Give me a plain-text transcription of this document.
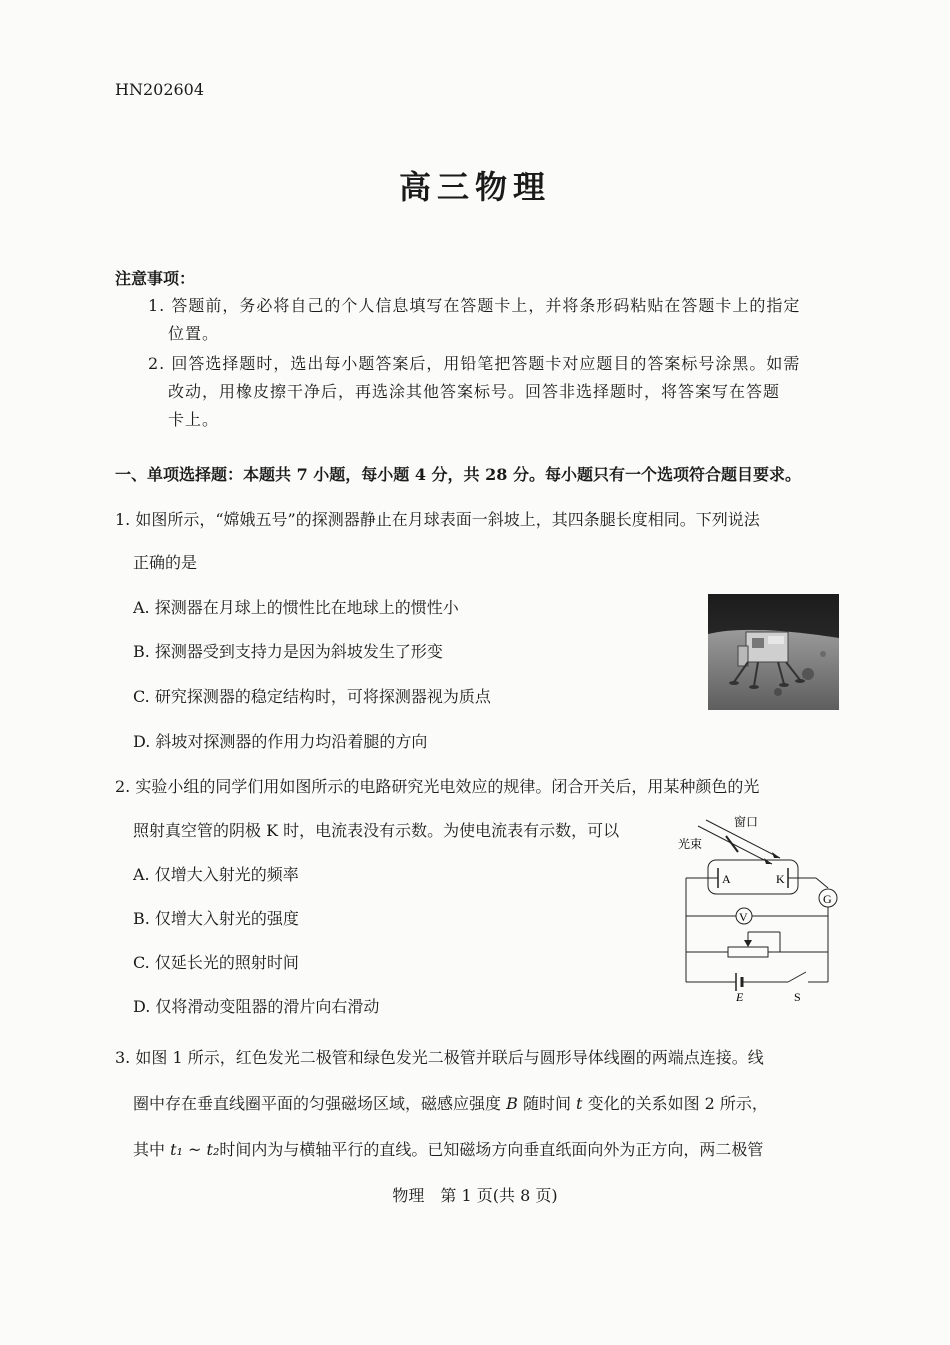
HN202604
高三物理
注意事项：
1. 答题前，务必将自己的个人信息填写在答题卡上，并将条形码粘贴在答题卡上的指定
位置。
2. 回答选择题时，选出每小题答案后，用铅笔把答题卡对应题目的答案标号涂黑。如需
改动，用橡皮擦干净后，再选涂其他答案标号。回答非选择题时，将答案写在答题
卡上。
一、单项选择题：本题共 7 小题，每小题 4 分，共 28 分。每小题只有一个选项符合题目要求。
1. 如图所示，“嫦娥五号”的探测器静止在月球表面一斜坡上，其四条腿长度相同。下列说法
正确的是
A. 探测器在月球上的惯性比在地球上的惯性小
B. 探测器受到支持力是因为斜坡发生了形变
C. 研究探测器的稳定结构时，可将探测器视为质点
D. 斜坡对探测器的作用力均沿着腿的方向
2. 实验小组的同学们用如图所示的电路研究光电效应的规律。闭合开关后，用某种颜色的光
照射真空管的阴极 K 时，电流表没有示数。为使电流表有示数，可以
A. 仅增大入射光的频率
B. 仅增大入射光的强度
C. 仅延长光的照射时间
D. 仅将滑动变阻器的滑片向右滑动
窗口
光束
A	K
G
V
E	S
3. 如图 1 所示，红色发光二极管和绿色发光二极管并联后与圆形导体线圈的两端点连接。线
圈中存在垂直线圈平面的匀强磁场区域，磁感应强度 B 随时间 t 变化的关系如图 2 所示，
其中 t₁ ~ t₂时间内为与横轴平行的直线。已知磁场方向垂直纸面向外为正方向，两二极管
物理　第 1 页(共 8 页)
